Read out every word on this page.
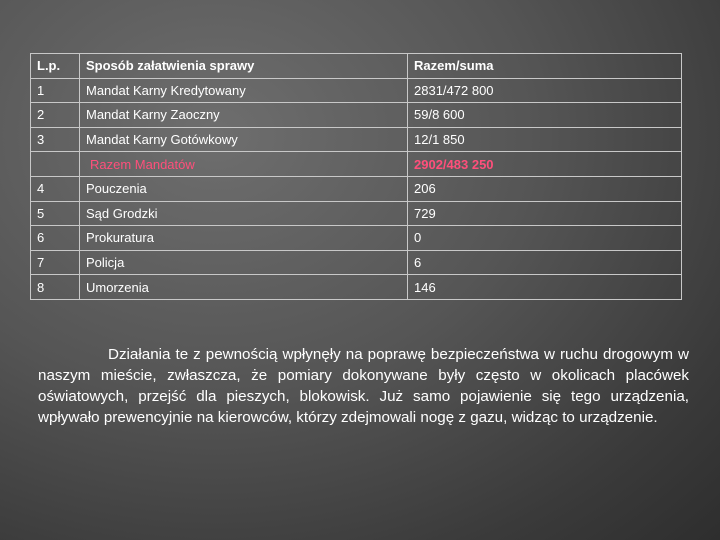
L.p.	Sposób załatwienia sprawy	Razem/suma
1	Mandat Karny Kredytowany	2831/472 800
2	Mandat Karny Zaoczny	59/8 600
3	Mandat Karny Gotówkowy	12/1 850
	Razem Mandatów	2902/483 250
4	Pouczenia	206
5	Sąd Grodzki	729
6	Prokuratura	0
7	Policja	6
8	Umorzenia	146
Działania te z pewnością wpłynęły na poprawę bezpieczeństwa w ruchu drogowym w naszym mieście, zwłaszcza, że pomiary dokonywane były często w okolicach placówek oświatowych, przejść dla pieszych, blokowisk. Już samo pojawienie się tego urządzenia, wpływało prewencyjnie na kierowców, którzy zdejmowali nogę z gazu, widząc to urządzenie.
